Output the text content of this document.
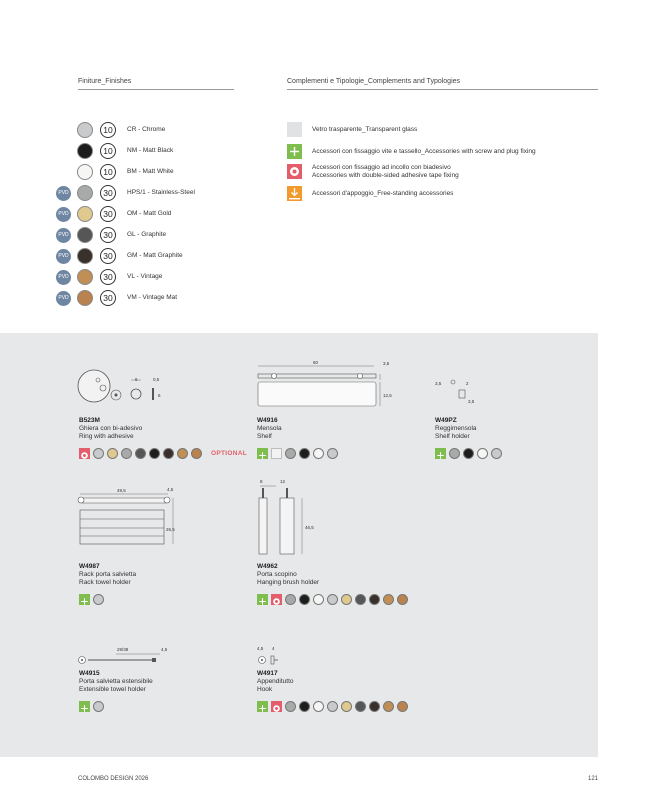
Finiture_Finishes	Complementi e Tipologie_Complements and Typologies
10	CR - Chrome
10	NM - Matt Black
10	BM - Matt White
PVD	30	HPS/1 - Stainless-Steel
PVD	30	OM - Matt Gold
PVD	30	GL - Graphite
PVD	30	GM - Matt Graphite
PVD	30	VL - Vintage
PVD	30	VM - Vintage Mat
Vetro trasparente_Transparent glass
Accessori con fissaggio vite e tassello_Accessories with screw and plug fixing
Accessori con fissaggio ad incollo con biadesivo
Accessories with double-sided adhesive tape fixing
Accessori d'appoggio_Free-standing accessories
6	0,5
6
60	3,5
12,5
3,5	2
3,5
49,5	4,5
26,5
8	12
46,5
29/38	4,5	4,5 4
B523M
Ghiera con bi-adesivo
Ring with adhesive
OPTIONAL
W4916
Mensola
Shelf
W49PZ
Reggimensola
Shelf holder
W4987
Rack porta salvietta
Rack towel holder
W4962
Porta scopino
Hanging brush holder
W4915
Porta salvietta estensibile
Extensible towel holder
W4917
Appenditutto
Hook
COLOMBO DESIGN 2026	121
